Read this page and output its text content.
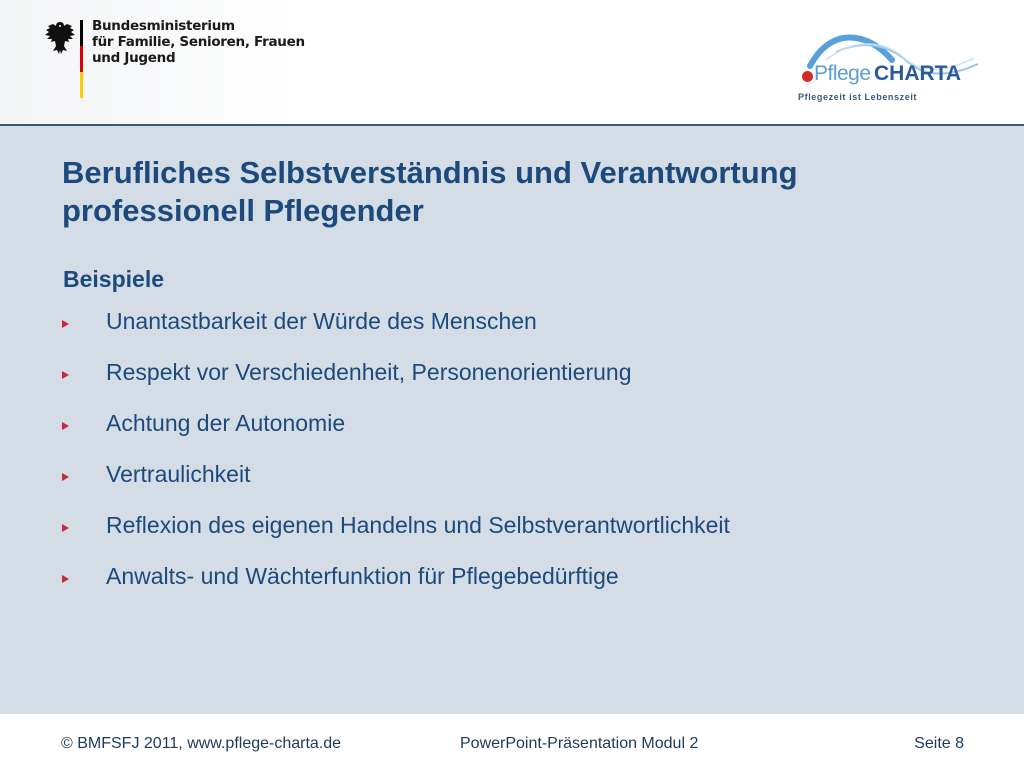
Bundesministerium
für Familie, Senioren, Frauen
und Jugend
Pflege CHARTA
Pflegezeit ist Lebenszeit
Berufliches Selbstverständnis und Verantwortung professionell Pflegender
Beispiele
Unantastbarkeit der Würde des Menschen
Respekt vor Verschiedenheit, Personenorientierung
Achtung der Autonomie
Vertraulichkeit
Reflexion des eigenen Handelns und Selbstverantwortlichkeit
Anwalts- und Wächterfunktion für Pflegebedürftige
© BMFSFJ 2011, www.pflege-charta.de	PowerPoint-Präsentation Modul 2	Seite 8
